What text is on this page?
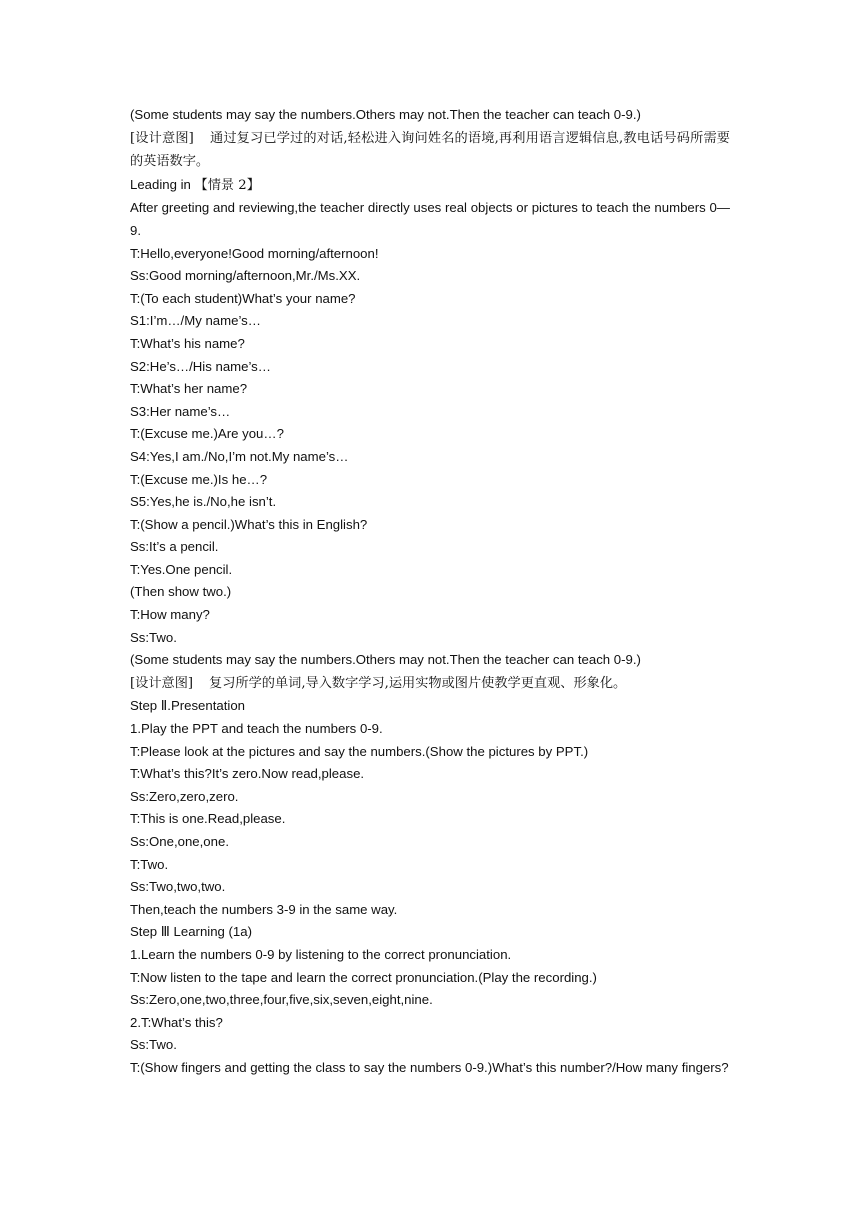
(Some students may say the numbers.Others may not.Then the teacher can teach 0-9.)
[设计意图] 通过复习已学过的对话,轻松进入询问姓名的语境,再利用语言逻辑信息,教电话号码所需要的英语数字。
Leading in 【情景 2】
After greeting and reviewing,the teacher directly uses real objects or pictures to teach the numbers 0—9.
T:Hello,everyone!Good morning/afternoon!
Ss:Good morning/afternoon,Mr./Ms.XX.
T:(To each student)What’s your name?
S1:I’m…/My name’s…
T:What’s his name?
S2:He’s…/His name’s…
T:What’s her name?
S3:Her name’s…
T:(Excuse me.)Are you…?
S4:Yes,I am./No,I’m not.My name’s…
T:(Excuse me.)Is he…?
S5:Yes,he is./No,he isn’t.
T:(Show a pencil.)What’s this in English?
Ss:It’s a pencil.
T:Yes.One pencil.
(Then show two.)
T:How many?
Ss:Two.
(Some students may say the numbers.Others may not.Then the teacher can teach 0-9.)
[设计意图] 复习所学的单词,导入数字学习,运用实物或图片使教学更直观、形象化。
Step Ⅱ.Presentation
1.Play the PPT and teach the numbers 0-9.
T:Please look at the pictures and say the numbers.(Show the pictures by PPT.)
T:What’s this?It’s zero.Now read,please.
Ss:Zero,zero,zero.
T:This is one.Read,please.
Ss:One,one,one.
T:Two.
Ss:Two,two,two.
Then,teach the numbers 3-9 in the same way.
Step Ⅲ Learning (1a)
1.Learn the numbers 0-9 by listening to the correct pronunciation.
T:Now listen to the tape and learn the correct pronunciation.(Play the recording.)
Ss:Zero,one,two,three,four,five,six,seven,eight,nine.
2.T:What’s this?
Ss:Two.
T:(Show fingers and getting the class to say the numbers 0-9.)What’s this number?/How many fingers?
